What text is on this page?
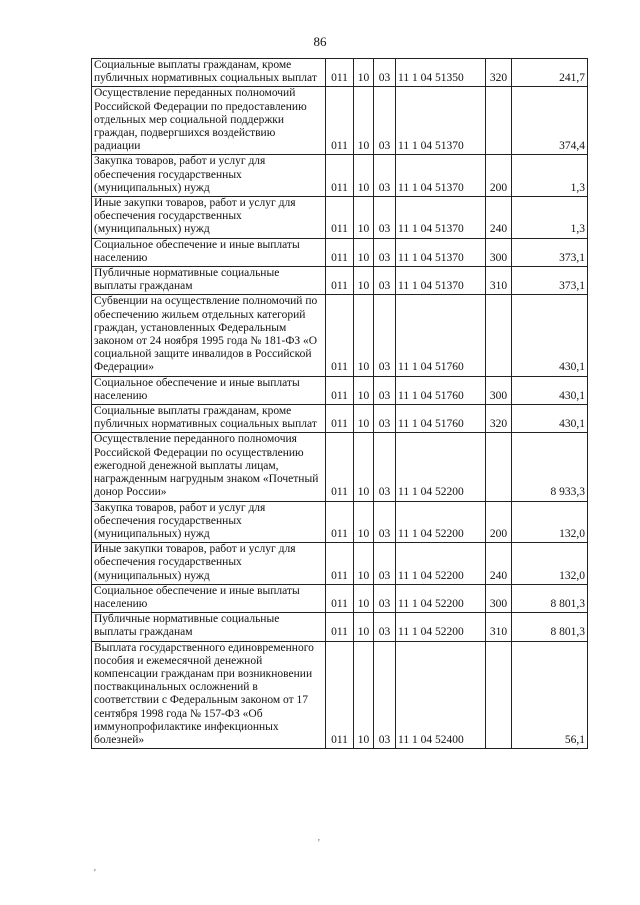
86
Социальные выплаты гражданам, кроме публичных нормативных социальных выплат	011	10	03	11 1 04 51350	320	241,7
Осуществление переданных полномочий Российской Федерации по предоставлению отдельных мер социальной поддержки граждан, подвергшихся воздействию радиации	011	10	03	11 1 04 51370		374,4
Закупка товаров, работ и услуг для обеспечения государственных (муниципальных) нужд	011	10	03	11 1 04 51370	200	1,3
Иные закупки товаров, работ и услуг для обеспечения государственных (муниципальных) нужд	011	10	03	11 1 04 51370	240	1,3
Социальное обеспечение и иные выплаты населению	011	10	03	11 1 04 51370	300	373,1
Публичные нормативные социальные выплаты гражданам	011	10	03	11 1 04 51370	310	373,1
Субвенции на осуществление полномочий по обеспечению жильем отдельных категорий граждан, установленных Федеральным законом от 24 ноября 1995 года № 181-ФЗ «О социальной защите инвалидов в Российской Федерации»	011	10	03	11 1 04 51760		430,1
Социальное обеспечение и иные выплаты населению	011	10	03	11 1 04 51760	300	430,1
Социальные выплаты гражданам, кроме публичных нормативных социальных выплат	011	10	03	11 1 04 51760	320	430,1
Осуществление переданного полномочия Российской Федерации по осуществлению ежегодной денежной выплаты лицам, награжденным нагрудным знаком «Почетный донор России»	011	10	03	11 1 04 52200		8 933,3
Закупка товаров, работ и услуг для обеспечения государственных (муниципальных) нужд	011	10	03	11 1 04 52200	200	132,0
Иные закупки товаров, работ и услуг для обеспечения государственных (муниципальных) нужд	011	10	03	11 1 04 52200	240	132,0
Социальное обеспечение и иные выплаты населению	011	10	03	11 1 04 52200	300	8 801,3
Публичные нормативные социальные выплаты гражданам	011	10	03	11 1 04 52200	310	8 801,3
Выплата государственного единовременного пособия и ежемесячной денежной компенсации гражданам при возникновении поствакцинальных осложнений в соответствии с Федеральным законом от 17 сентября 1998 года № 157-ФЗ «Об иммунопрофилактике инфекционных болезней»	011	10	03	11 1 04 52400		56,1
'
'
